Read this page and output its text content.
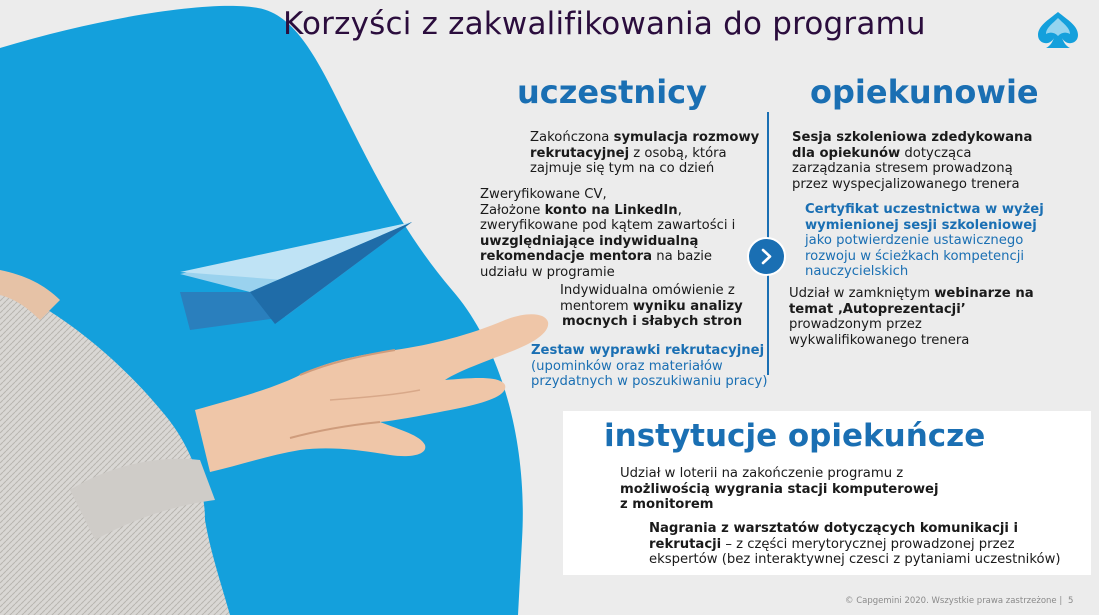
Korzyści z zakwalifikowania do programu
uczestnicy	opiekunowie
Zakończona symulacja rozmowy
rekrutacyjnej z osobą, która
zajmuje się tym na co dzień
Zweryfikowane CV,
Założone konto na LinkedIn,
zweryfikowane pod kątem zawartości i
uwzględniające indywidualną
rekomendacje mentora na bazie
udziału w programie
Indywidualna omówienie z
mentorem wyniku analizy
mocnych i słabych stron
Zestaw wyprawki rekrutacyjnej
(upominków oraz materiałów
przydatnych w poszukiwaniu pracy)
Sesja szkoleniowa zdedykowana
dla opiekunów dotycząca
zarządzania stresem prowadzoną
przez wyspecjalizowanego trenera
Certyfikat uczestnictwa w wyżej
wymienionej sesji szkoleniowej
jako potwierdzenie ustawicznego
rozwoju w ścieżkach kompetencji
nauczycielskich
Udział w zamkniętym webinarze na
temat ‚Autoprezentacji’
prowadzonym przez
wykwalifikowanego trenera
instytucje opiekuńcze
Udział w loterii na zakończenie programu z
możliwością wygrania stacji komputerowej
z monitorem
Nagrania z warsztatów dotyczących komunikacji i
rekrutacji – z części merytorycznej prowadzonej przez
ekspertów (bez interaktywnej czesci z pytaniami uczestników)
© Capgemini 2020. Wszystkie prawa zastrzeżone | 5
